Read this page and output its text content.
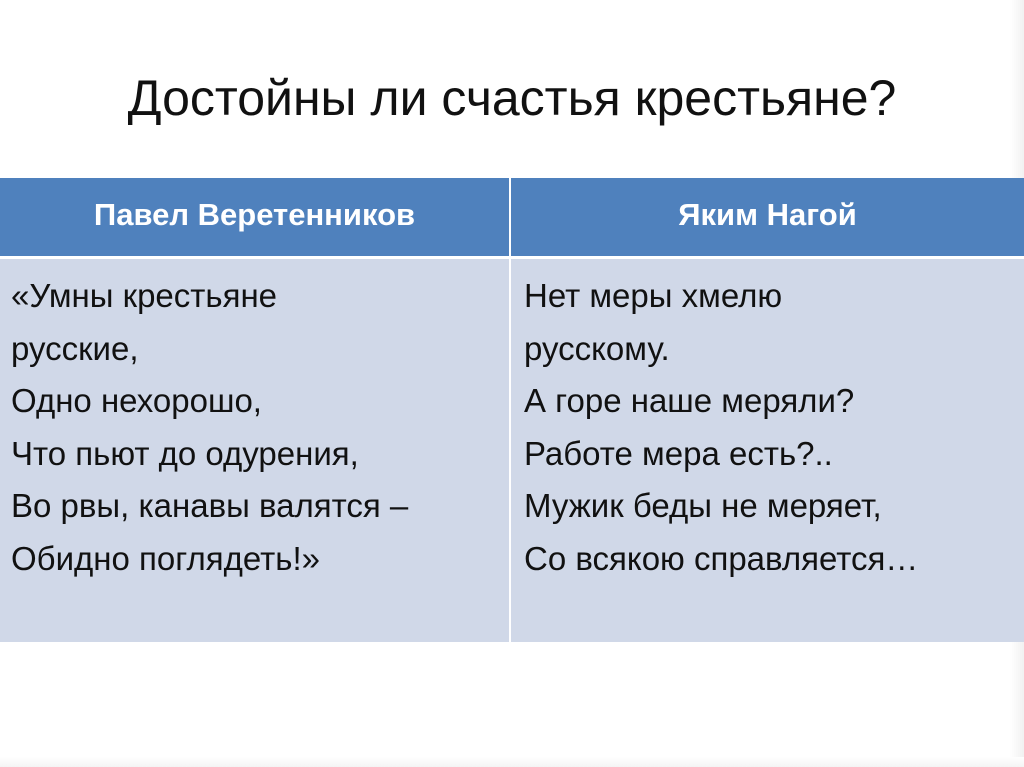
Достойны ли счастья крестьяне?
Павел Веретенников	Яким Нагой
«Умны крестьяне
русские,
Одно нехорошо,
Что пьют до одурения,
Во рвы, канавы валятся –
Обидно поглядеть!»
Нет меры хмелю
русскому.
А горе наше меряли?
Работе мера есть?..
Мужик беды не меряет,
Со всякою справляется…
